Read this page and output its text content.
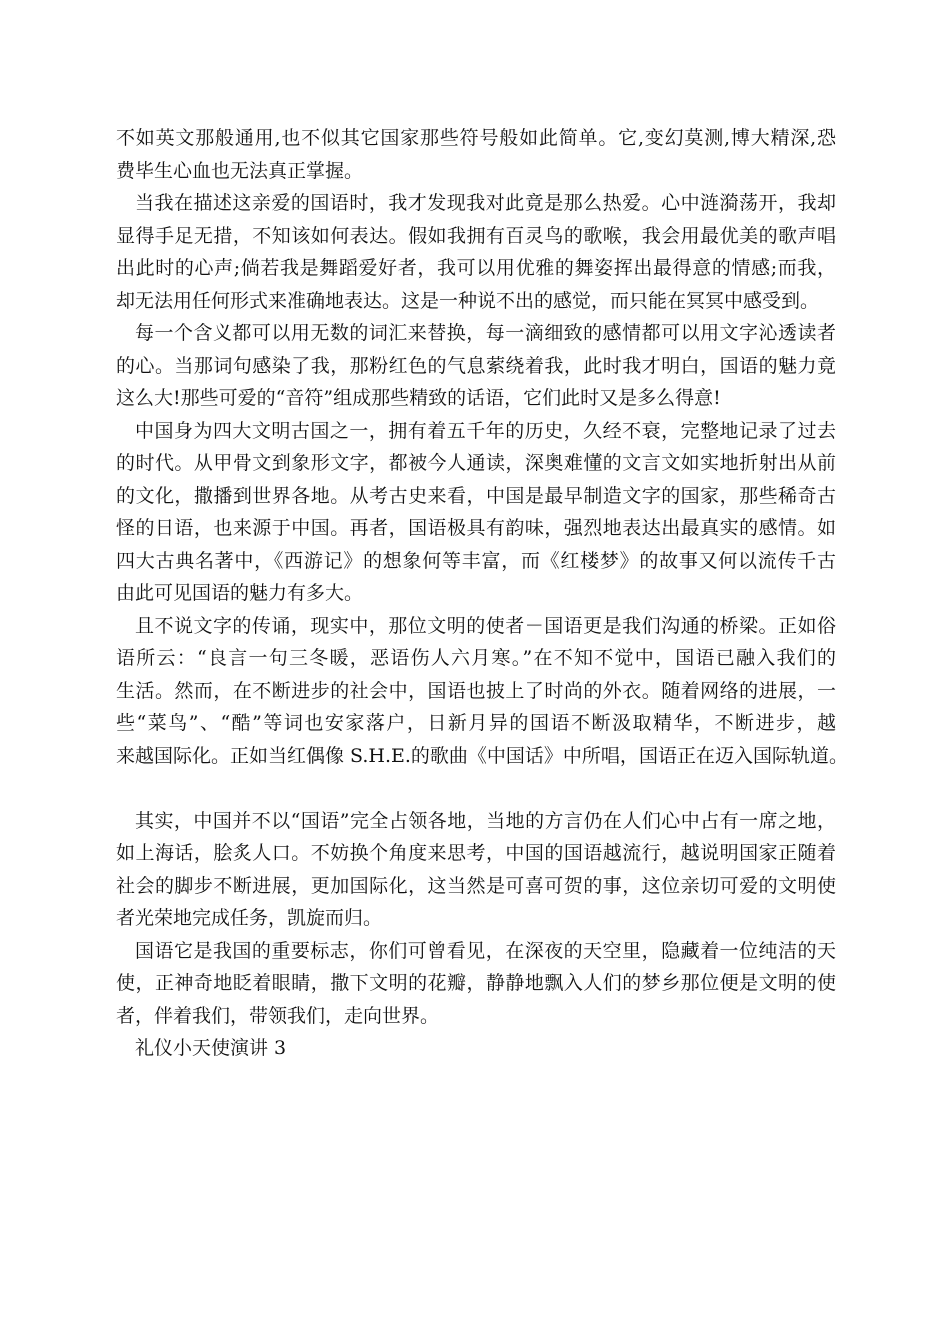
不如英文那般通用,也不似其它国家那些符号般如此简单。它,变幻莫测,博大精深,恐
费毕生心血也无法真正掌握。
当我在描述这亲爱的国语时，我才发现我对此竟是那么热爱。心中涟漪荡开，我却
显得手足无措，不知该如何表达。假如我拥有百灵鸟的歌喉，我会用最优美的歌声唱
出此时的心声;倘若我是舞蹈爱好者，我可以用优雅的舞姿挥出最得意的情感;而我，
却无法用任何形式来准确地表达。这是一种说不出的感觉，而只能在冥冥中感受到。
每一个含义都可以用无数的词汇来替换，每一滴细致的感情都可以用文字沁透读者
的心。当那词句感染了我，那粉红色的气息萦绕着我，此时我才明白，国语的魅力竟
这么大!那些可爱的“音符”组成那些精致的话语，它们此时又是多么得意!
中国身为四大文明古国之一，拥有着五千年的历史，久经不衰，完整地记录了过去
的时代。从甲骨文到象形文字，都被今人通读，深奥难懂的文言文如实地折射出从前
的文化，撒播到世界各地。从考古史来看，中国是最早制造文字的国家，那些稀奇古
怪的日语，也来源于中国。再者，国语极具有韵味，强烈地表达出最真实的感情。如
四大古典名著中，《西游记》的想象何等丰富，而《红楼梦》的故事又何以流传千古
由此可见国语的魅力有多大。
且不说文字的传诵，现实中，那位文明的使者－国语更是我们沟通的桥梁。正如俗
语所云：“良言一句三冬暖，恶语伤人六月寒。”在不知不觉中，国语已融入我们的
生活。然而，在不断进步的社会中，国语也披上了时尚的外衣。随着网络的进展，一
些“菜鸟”、“酷”等词也安家落户，日新月异的国语不断汲取精华，不断进步，越
来越国际化。正如当红偶像 S.H.E.的歌曲《中国话》中所唱，国语正在迈入国际轨道。
其实，中国并不以“国语”完全占领各地，当地的方言仍在人们心中占有一席之地，
如上海话，脍炙人口。不妨换个角度来思考，中国的国语越流行，越说明国家正随着
社会的脚步不断进展，更加国际化，这当然是可喜可贺的事，这位亲切可爱的文明使
者光荣地完成任务，凯旋而归。
国语它是我国的重要标志，你们可曾看见，在深夜的天空里，隐藏着一位纯洁的天
使，正神奇地眨着眼睛，撒下文明的花瓣，静静地飘入人们的梦乡那位便是文明的使
者，伴着我们，带领我们，走向世界。
礼仪小天使演讲 3
